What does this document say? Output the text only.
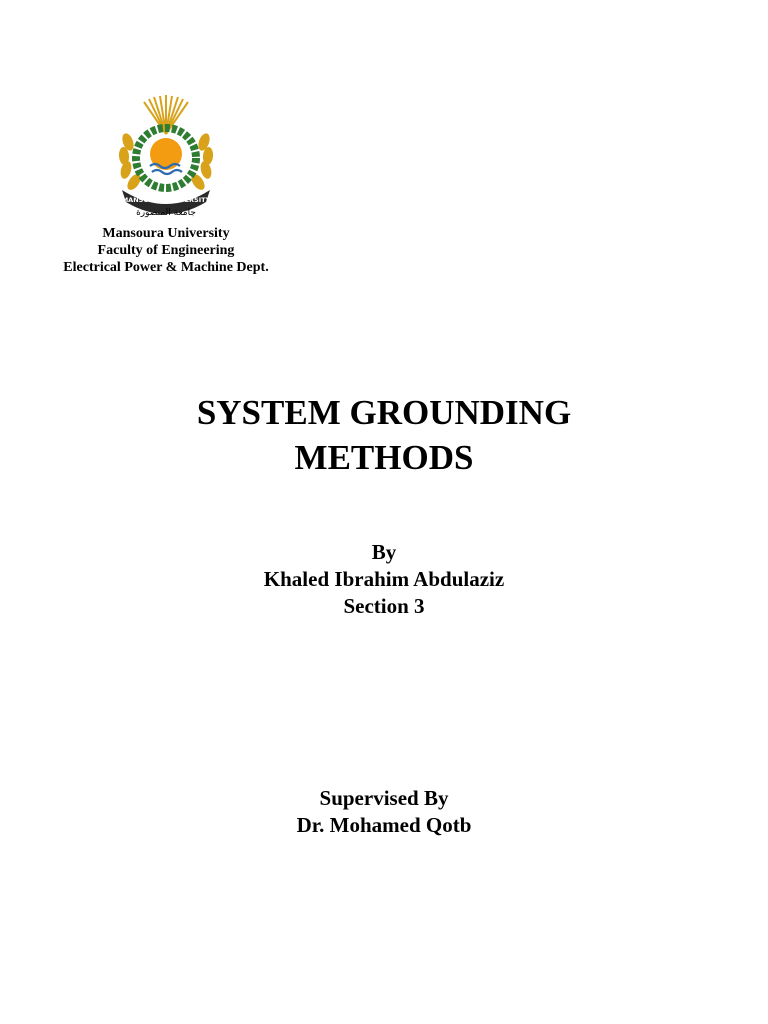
MANSOURA UNIVERSITY
جامعة المنصورة
Mansoura University
Faculty of Engineering
Electrical Power & Machine Dept.
SYSTEM GROUNDING
METHODS
By
Khaled Ibrahim Abdulaziz
Section 3
Supervised By
Dr. Mohamed Qotb
